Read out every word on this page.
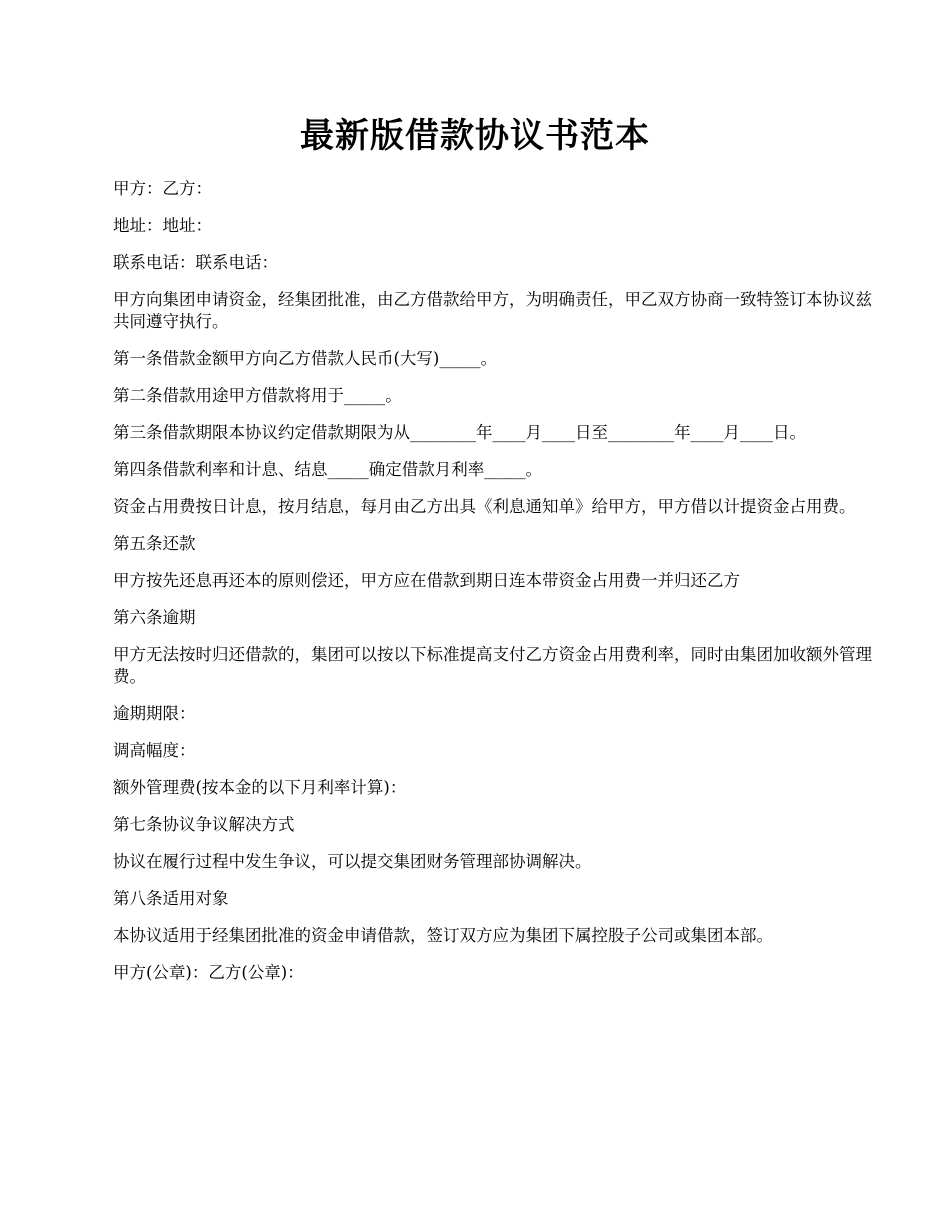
最新版借款协议书范本

甲方：乙方：

地址：地址：

联系电话：联系电话：

甲方向集团申请资金，经集团批准，由乙方借款给甲方，为明确责任，甲乙双方协商一致特签订本协议兹共同遵守执行。

第一条借款金额甲方向乙方借款人民币(大写)_____。

第二条借款用途甲方借款将用于_____。

第三条借款期限本协议约定借款期限为从________年____月____日至________年____月____日。

第四条借款利率和计息、结息_____确定借款月利率_____。

资金占用费按日计息，按月结息，每月由乙方出具《利息通知单》给甲方，甲方借以计提资金占用费。

第五条还款

甲方按先还息再还本的原则偿还，甲方应在借款到期日连本带资金占用费一并归还乙方

第六条逾期

甲方无法按时归还借款的，集团可以按以下标准提高支付乙方资金占用费利率，同时由集团加收额外管理费。

逾期期限：

调高幅度：

额外管理费(按本金的以下月利率计算)：

第七条协议争议解决方式

协议在履行过程中发生争议，可以提交集团财务管理部协调解决。

第八条适用对象

本协议适用于经集团批准的资金申请借款，签订双方应为集团下属控股子公司或集团本部。

甲方(公章)：乙方(公章)：
